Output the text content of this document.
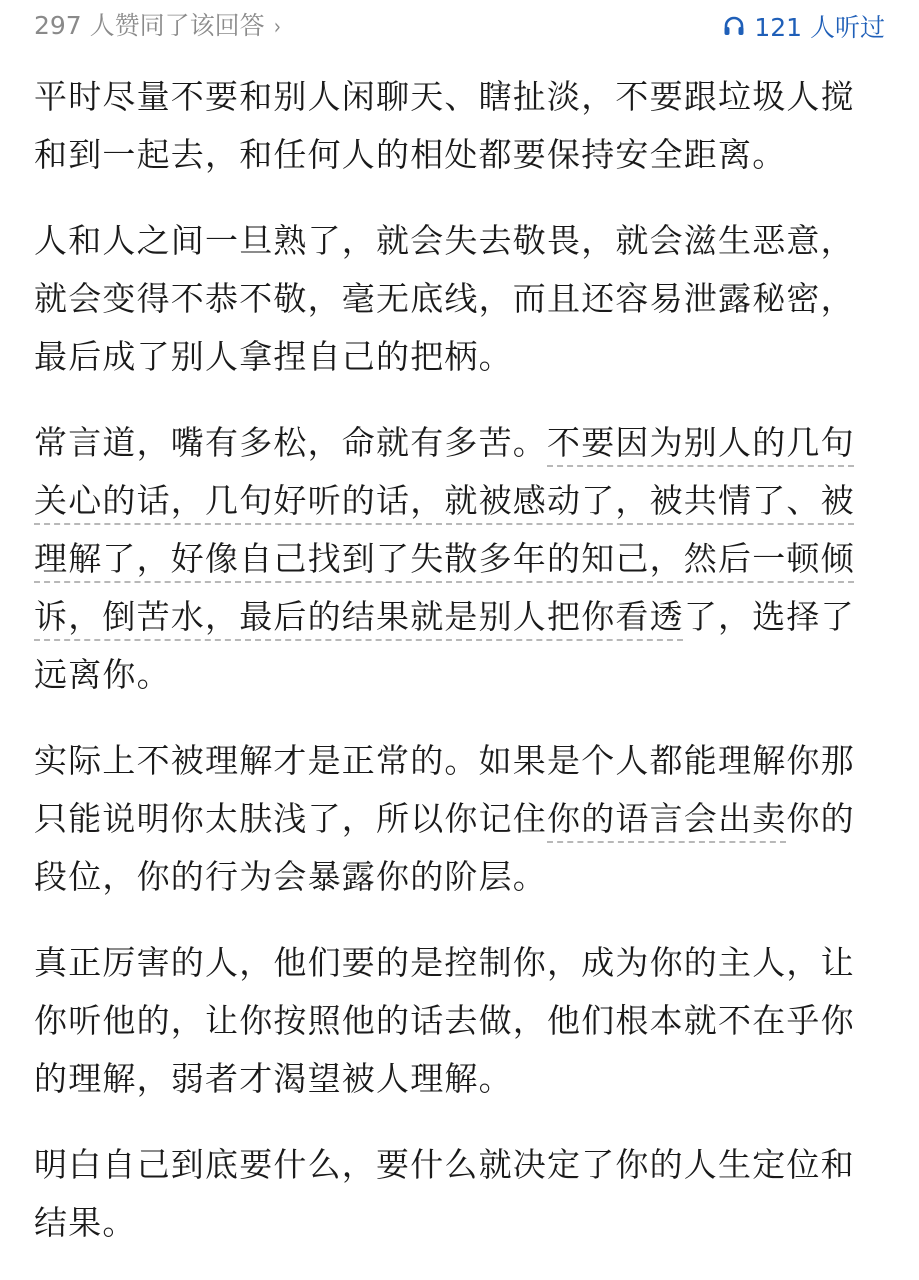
297 人赞同了该回答 ›	121 人听过

平时尽量不要和别人闲聊天、瞎扯淡，不要跟垃圾人搅和到一起去，和任何人的相处都要保持安全距离。

人和人之间一旦熟了，就会失去敬畏，就会滋生恶意，就会变得不恭不敬，毫无底线，而且还容易泄露秘密，最后成了别人拿捏自己的把柄。

常言道，嘴有多松，命就有多苦。不要因为别人的几句关心的话，几句好听的话，就被感动了，被共情了、被理解了，好像自己找到了失散多年的知己，然后一顿倾诉，倒苦水，最后的结果就是别人把你看透了，选择了远离你。

实际上不被理解才是正常的。如果是个人都能理解你那只能说明你太肤浅了，所以你记住你的语言会出卖你的段位，你的行为会暴露你的阶层。

真正厉害的人，他们要的是控制你，成为你的主人，让你听他的，让你按照他的话去做，他们根本就不在乎你的理解，弱者才渴望被人理解。

明白自己到底要什么，要什么就决定了你的人生定位和结果。
